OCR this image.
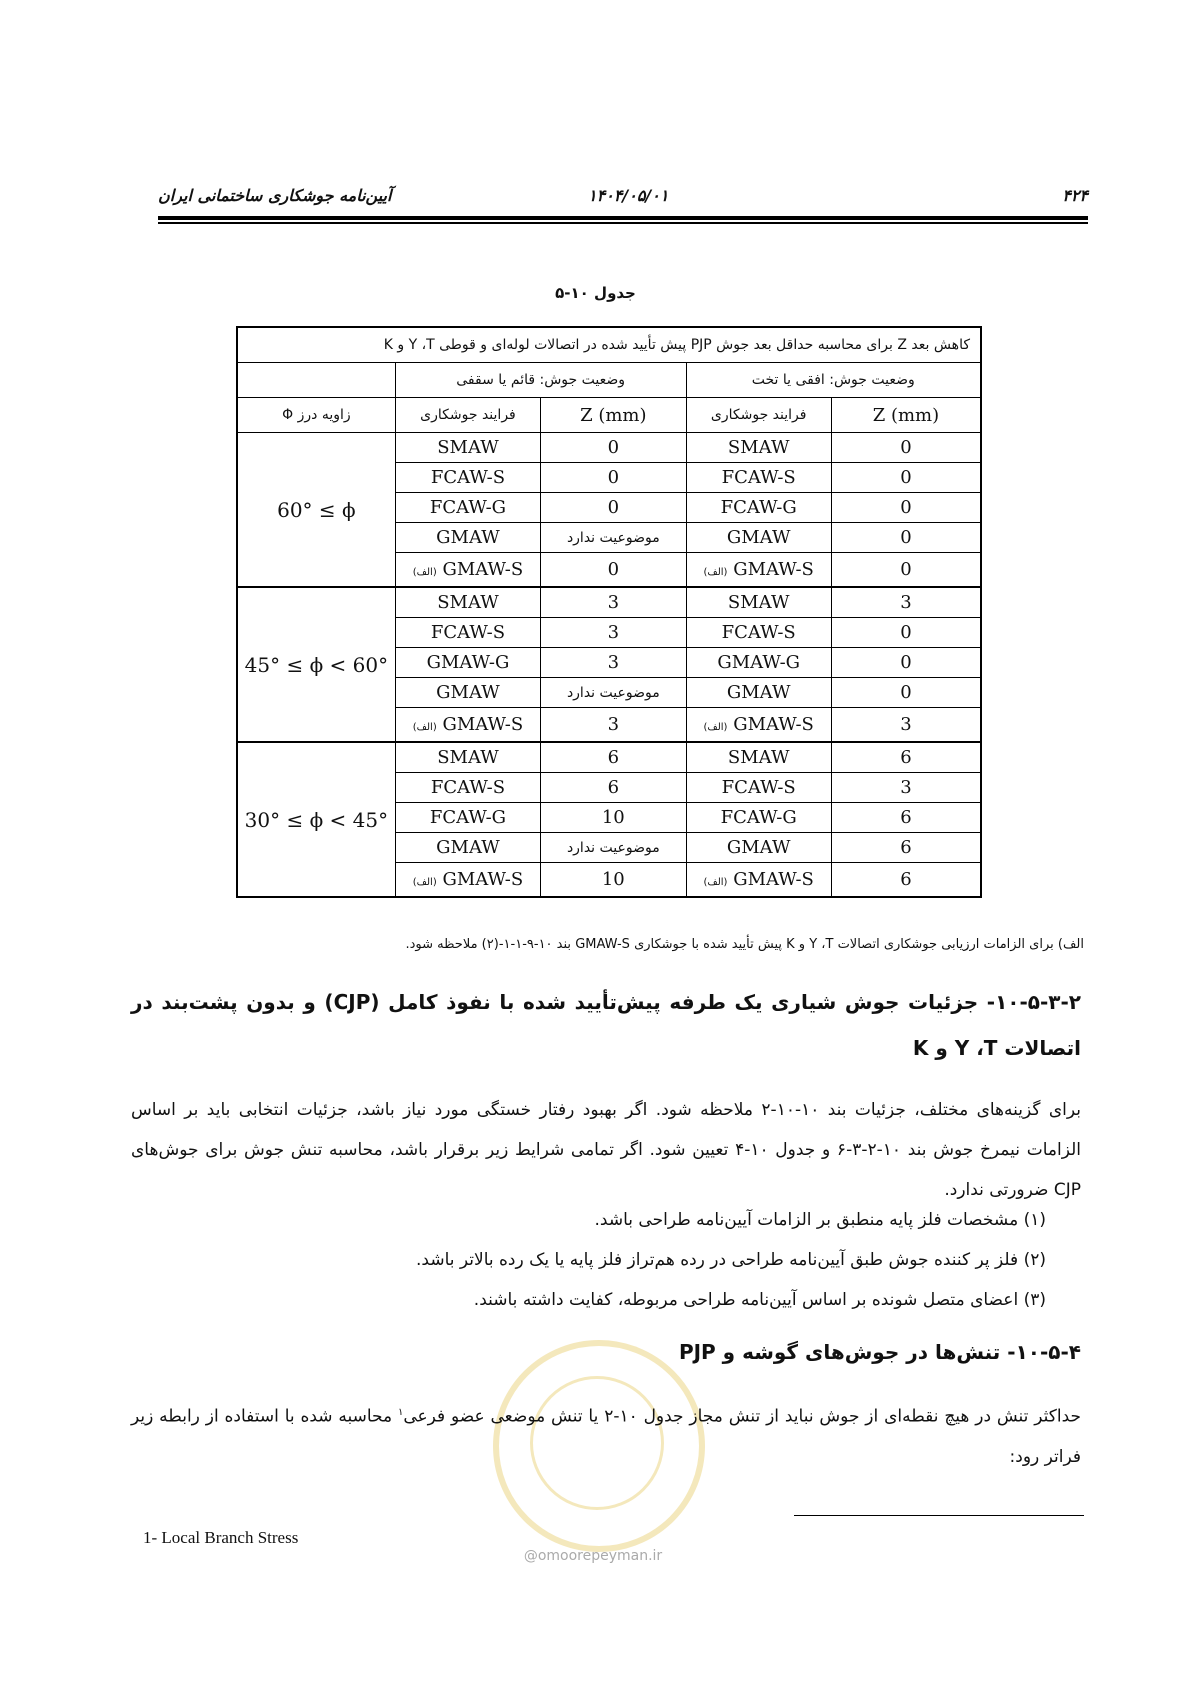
۴۲۴
۱۴۰۴/۰۵/۰۱
آیین‌نامه جوشکاری ساختمانی ایران
جدول ۱۰-۵
کاهش بعد Z برای محاسبه حداقل بعد جوش PJP پیش تأیید شده در اتصالات لوله‌ای و قوطی Y ،T و K				
وضعیت جوش: افقی یا تخت		وضعیت جوش: قائم یا سقفی		
Z (mm)	فرایند جوشکاری	Z (mm)	فرایند جوشکاری	زاویه درز Φ
0	SMAW	0	SMAW	60° ≤ ϕ
0	FCAW-S	0	FCAW-S	
0	FCAW-G	0	FCAW-G	
0	GMAW	موضوعیت ندارد	GMAW	
0	GMAW-S (الف)	0	GMAW-S (الف)	
3	SMAW	3	SMAW	45° ≤ ϕ < 60°
0	FCAW-S	3	FCAW-S	
0	GMAW-G	3	GMAW-G	
0	GMAW	موضوعیت ندارد	GMAW	
3	GMAW-S (الف)	3	GMAW-S (الف)	
6	SMAW	6	SMAW	30° ≤ ϕ < 45°
3	FCAW-S	6	FCAW-S	
6	FCAW-G	10	FCAW-G	
6	GMAW	موضوعیت ندارد	GMAW	
6	GMAW-S (الف)	10	GMAW-S (الف)	
الف) برای الزامات ارزیابی جوشکاری اتصالات Y ،T و K پیش تأیید شده با جوشکاری GMAW-S بند ۱۰-۹-۱-۱-(۲) ملاحظه شود.
۱۰-۵-۳-۲- جزئیات جوش شیاری یک طرفه پیش‌تأیید شده با نفوذ کامل (CJP) و بدون پشت‌بند در
اتصالات Y ،T و K
برای گزینه‌های مختلف، جزئیات بند ۱۰-۱۰-۲ ملاحظه شود. اگر بهبود رفتار خستگی مورد نیاز باشد، جزئیات انتخابی باید بر اساس الزامات نیمرخ جوش بند ۱۰-۲-۳-۶ و جدول ۱۰-۴ تعیین شود. اگر تمامی شرایط زیر برقرار باشد، محاسبه تنش جوش برای جوش‌های CJP ضرورتی ندارد.
(۱) مشخصات فلز پایه منطبق بر الزامات آیین‌نامه طراحی باشد.
(۲) فلز پر کننده جوش طبق آیین‌نامه طراحی در رده هم‌تراز فلز پایه یا یک رده بالاتر باشد.
(۳) اعضای متصل شونده بر اساس آیین‌نامه طراحی مربوطه، کفایت داشته باشند.
@omoorepeyman.ir
۱۰-۵-۴- تنش‌ها در جوش‌های گوشه و PJP
حداکثر تنش در هیچ نقطه‌ای از جوش نباید از تنش مجاز جدول ۱۰-۲ یا تنش موضعی عضو فرعی$^۱$ محاسبه شده با استفاده از رابطه زیر فراتر رود:
1- Local Branch Stress
